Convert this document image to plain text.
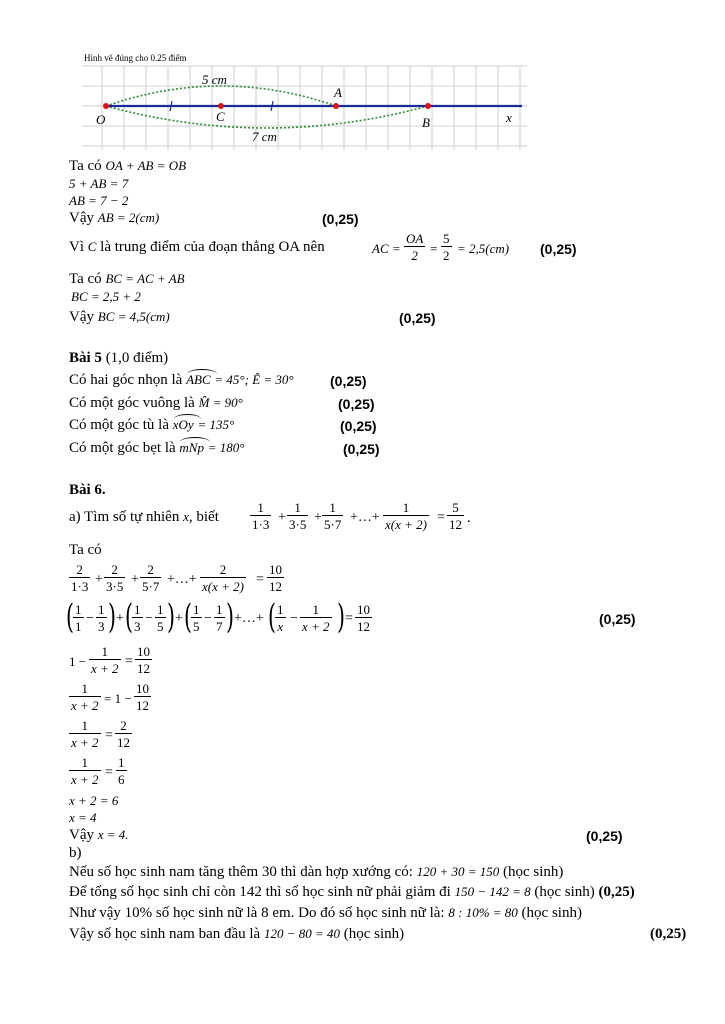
Hình vẽ đúng cho 0.25 điểm
5 cm
7 cm
O	C
A
B	x
Ta có OA + AB = OB
5 + AB = 7
AB = 7 − 2
Vậy AB = 2(cm)	(0,25)
Vì C là trung điểm của đoạn thẳng OA nên	AC =
OA
2 =
5
2 = 2,5(cm) (0,25)
Ta có BC = AC + AB
BC = 2,5 + 2
Vậy BC = 4,5(cm)	(0,25)
Bài 5 (1,0 điểm)
Có hai góc nhọn là ABC = 45°; Ê = 30°	(0,25)
Có một góc vuông là M̂ = 90°	(0,25)
Có một góc tù là xOy = 135°	(0,25)
Có một góc bẹt là mNp = 180°	(0,25)
Bài 6.
a) Tìm số tự nhiên x, biết
1
1·3 +
1
3·5 +
1
5·7 +…+
1
x(x + 2) =
5
12 .
Ta có
2
1·3 +
2
3·5 +
2
5·7 +…+
2
x(x + 2) =
10
12
( 1
1
−
1
3 ) + ( 1
3
−
1
5 ) + ( 1
5
−
1
7 ) +…+ ( 1
x
−
1
x + 2 ) =
10
12	(0,25)
1 −
1
x + 2 =
10
12
1
x + 2 = 1 −
10
12
1
x + 2 =
2
12
1
x + 2 =
1
6
x + 2 = 6
x = 4
Vậy x = 4.	(0,25)
b)
Nếu số học sinh nam tăng thêm 30 thì dàn hợp xướng có: 120 + 30 = 150 (học sinh)
Để tổng số học sinh chỉ còn 142 thì số học sinh nữ phải giảm đi 150 − 142 = 8 (học sinh) (0,25)
Như vậy 10% số học sinh nữ là 8 em. Do đó số học sinh nữ là: 8 : 10% = 80 (học sinh)
Vậy số học sinh nam ban đầu là 120 − 80 = 40 (học sinh)	(0,25)
